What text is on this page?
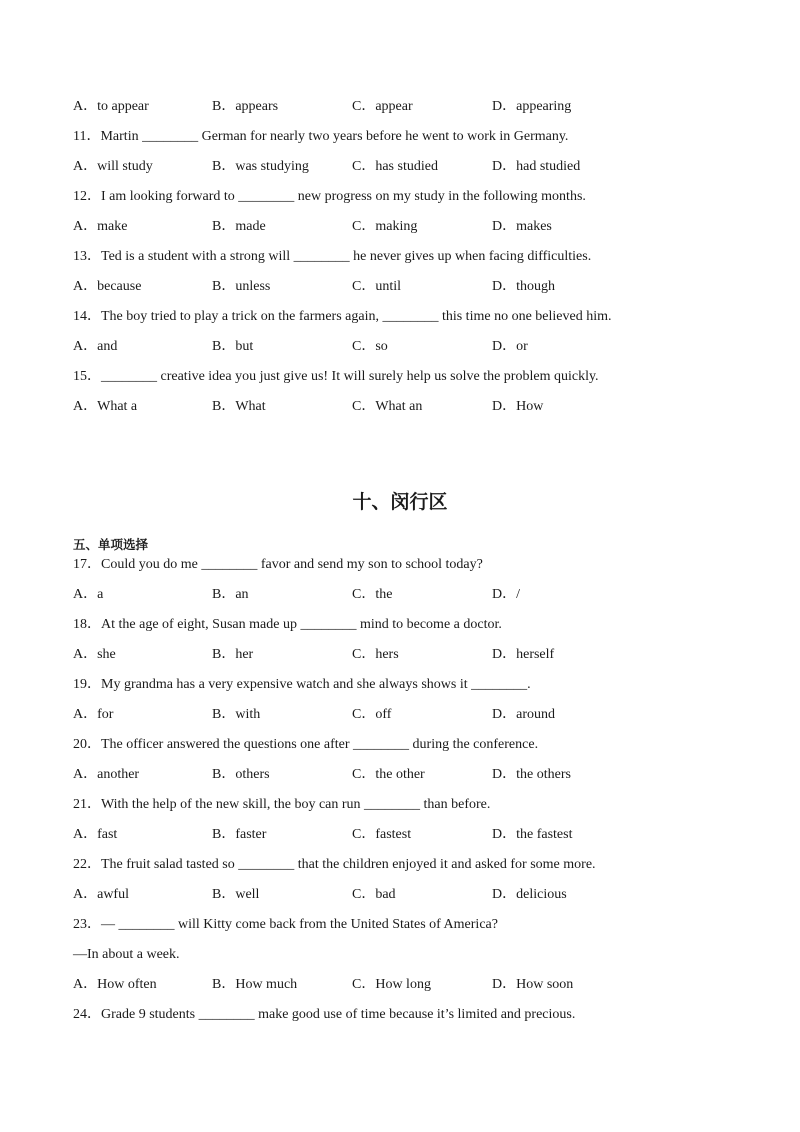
A．to appear	B．appears	C．appear	D．appearing
11．Martin ________ German for nearly two years before he went to work in Germany.
A．will study	B．was studying	C．has studied	D．had studied
12．I am looking forward to ________ new progress on my study in the following months.
A．make	B．made	C．making	D．makes
13．Ted is a student with a strong will ________ he never gives up when facing difficulties.
A．because	B．unless	C．until	D．though
14．The boy tried to play a trick on the farmers again, ________ this time no one believed him.
A．and	B．but	C．so	D．or
15．________ creative idea you just give us! It will surely help us solve the problem quickly.
A．What a	B．What	C．What an	D．How
十、闵行区
五、单项选择
17．Could you do me ________ favor and send my son to school today?
A．a	B．an	C．the	D．/
18．At the age of eight, Susan made up ________ mind to become a doctor.
A．she	B．her	C．hers	D．herself
19．My grandma has a very expensive watch and she always shows it ________.
A．for	B．with	C．off	D．around
20．The officer answered the questions one after ________ during the conference.
A．another	B．others	C．the other	D．the others
21．With the help of the new skill, the boy can run ________ than before.
A．fast	B．faster	C．fastest	D．the fastest
22．The fruit salad tasted so ________ that the children enjoyed it and asked for some more.
A．awful	B．well	C．bad	D．delicious
23．— ________ will Kitty come back from the United States of America?
—In about a week.
A．How often	B．How much	C．How long	D．How soon
24．Grade 9 students ________ make good use of time because it’s limited and precious.
